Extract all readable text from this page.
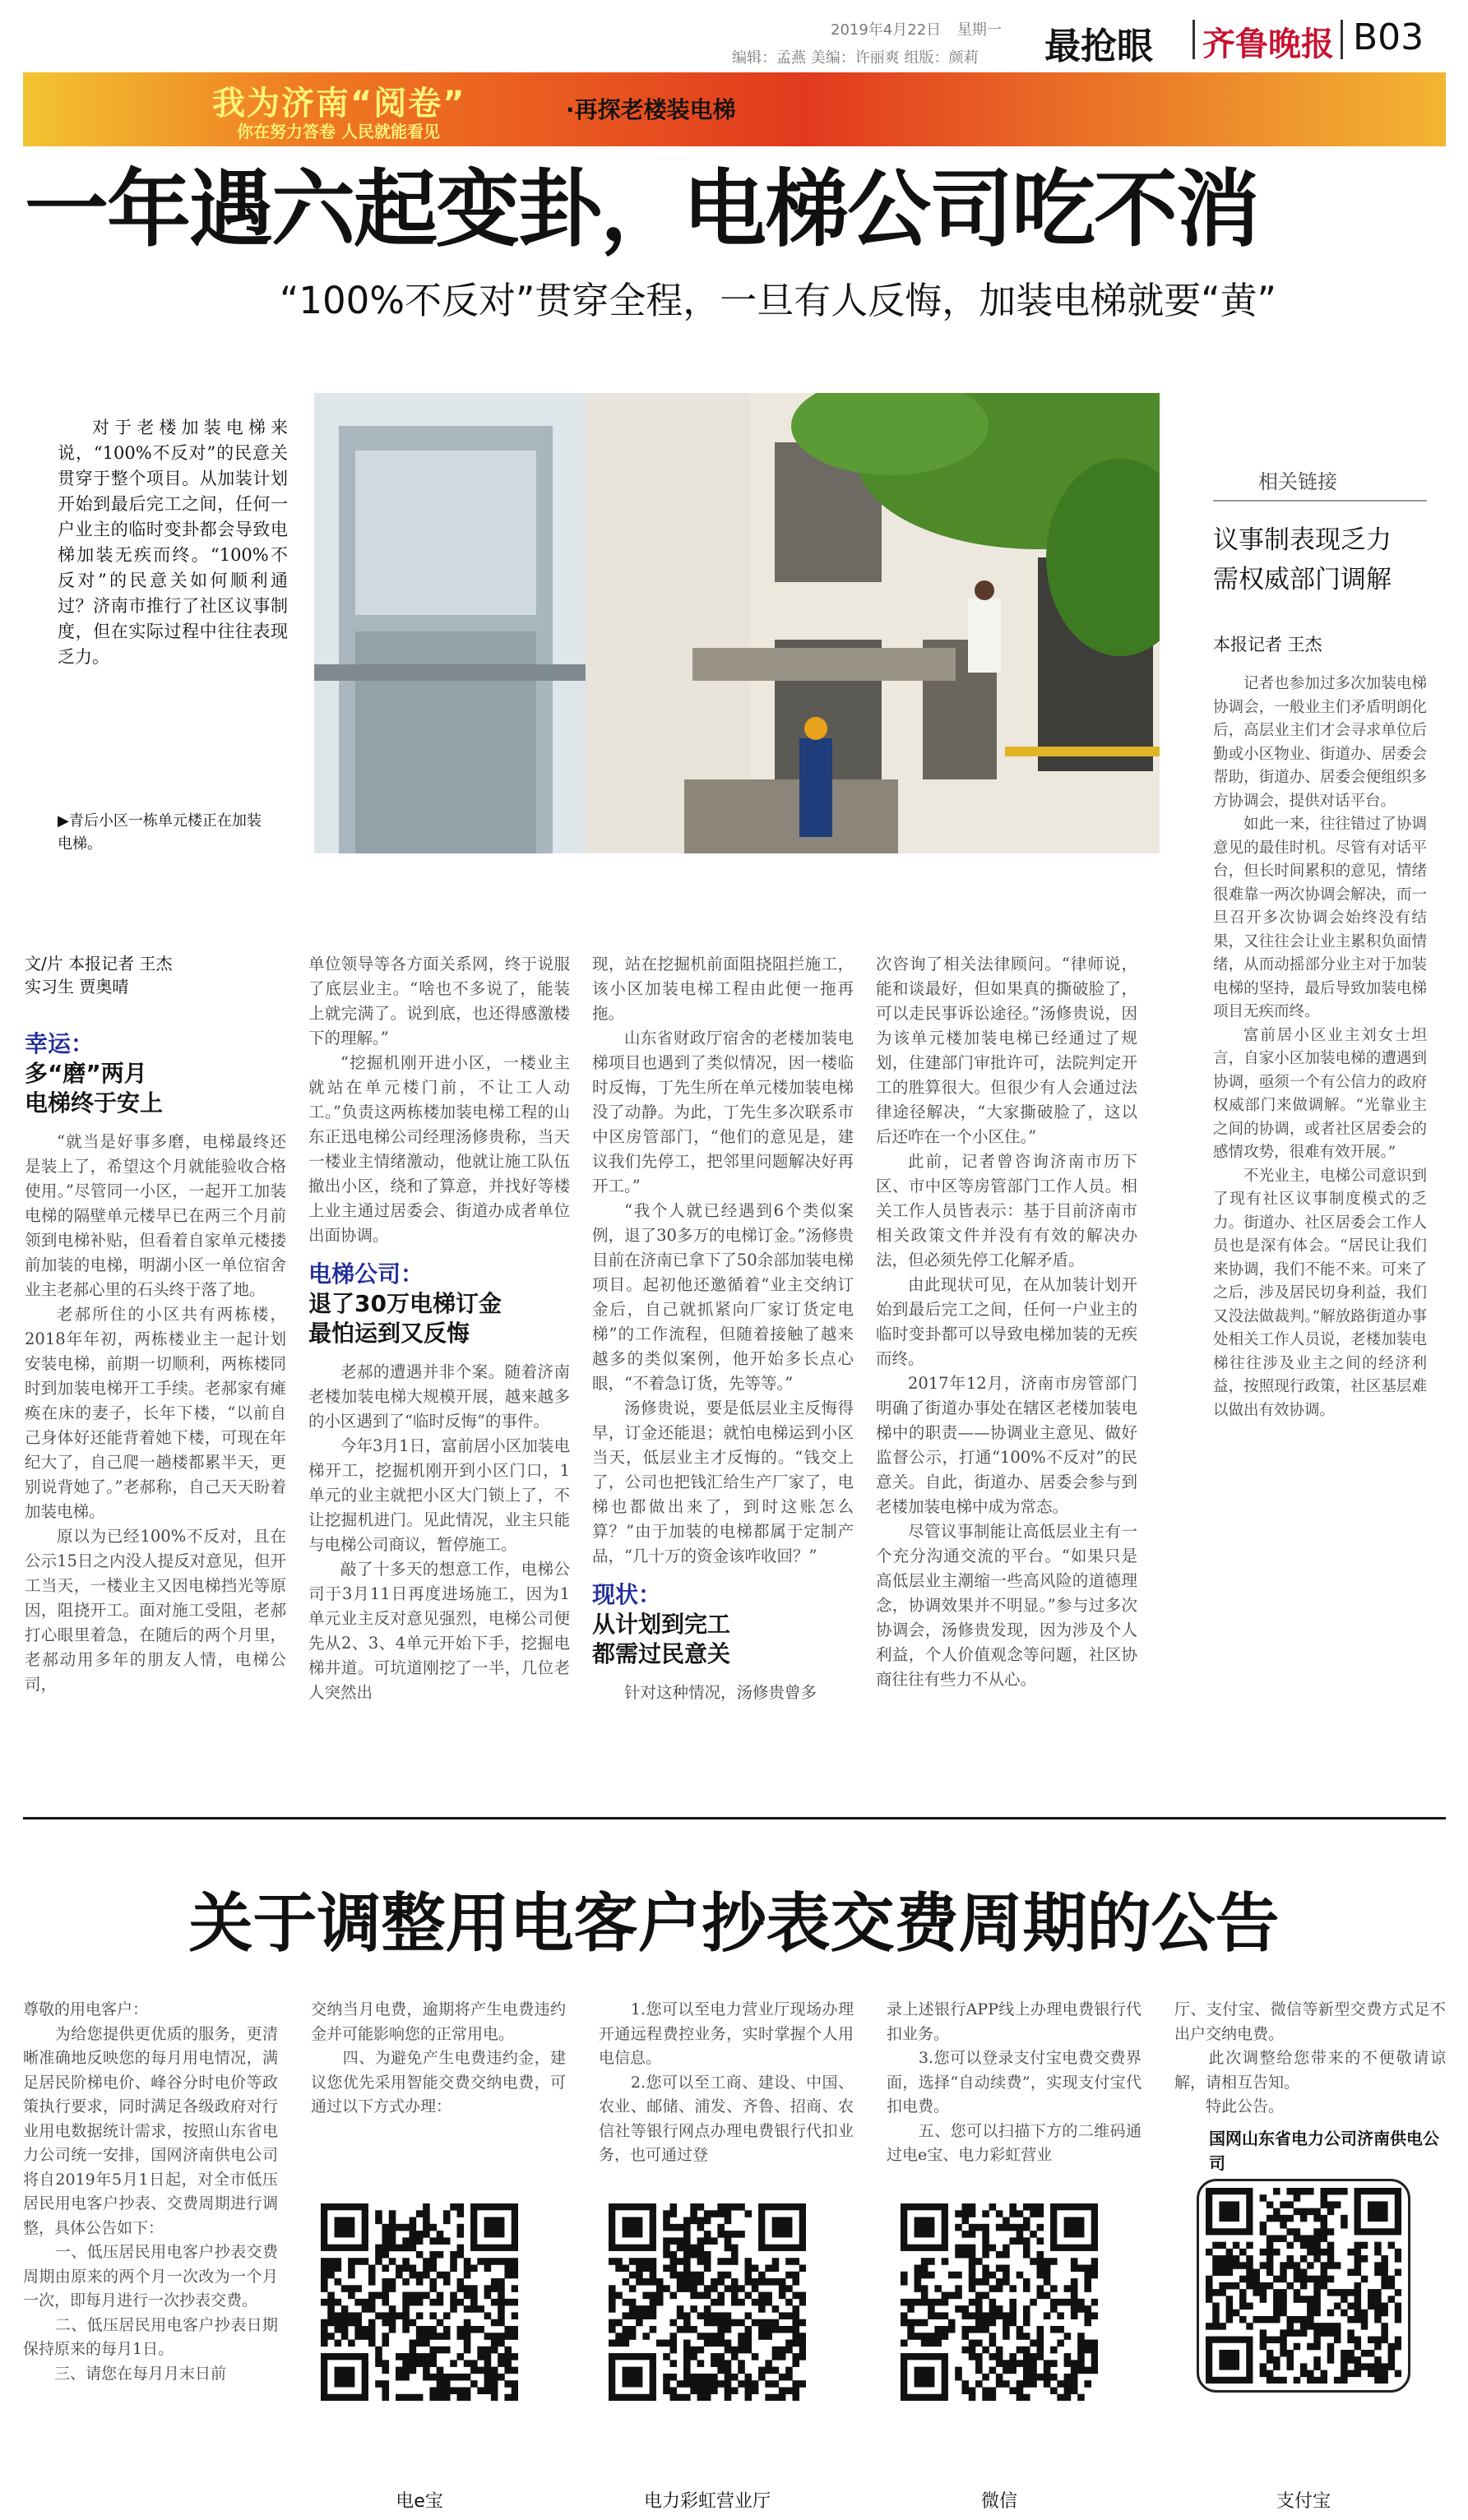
2019年4月22日 星期一
编辑：孟燕 美编：许丽爽 组版：颜莉 最抢眼 齐鲁晚报 B03
我为济南“阅卷”
你在努力答卷 人民就能看见
·再探老楼装电梯
一年遇六起变卦，电梯公司吃不消
“100%不反对”贯穿全程，一旦有人反悔，加装电梯就要“黄”
对于老楼加装电梯来说，“100%不反对”的民意关贯穿于整个项目。从加装计划开始到最后完工之间，任何一户业主的临时变卦都会导致电梯加装无疾而终。“100%不反对”的民意关如何顺利通过？济南市推行了社区议事制度，但在实际过程中往往表现乏力。
▶青后小区一栋单元楼正在加装电梯。
相关链接
议事制表现乏力
需权威部门调解
本报记者 王杰

记者也参加过多次加装电梯协调会，一般业主们矛盾明朗化后，高层业主们才会寻求单位后勤或小区物业、街道办、居委会帮助，街道办、居委会便组织多方协调会，提供对话平台。

如此一来，往往错过了协调意见的最佳时机。尽管有对话平台，但长时间累积的意见，情绪很难靠一两次协调会解决，而一旦召开多次协调会始终没有结果，又往往会让业主累积负面情绪，从而动摇部分业主对于加装电梯的坚持，最后导致加装电梯项目无疾而终。

富前居小区业主刘女士坦言，自家小区加装电梯的遭遇到协调，亟须一个有公信力的政府权威部门来做调解。“光靠业主之间的协调，或者社区居委会的感情攻势，很难有效开展。”

不光业主，电梯公司意识到了现有社区议事制度模式的乏力。街道办、社区居委会工作人员也是深有体会。“居民让我们来协调，我们不能不来。可来了之后，涉及居民切身利益，我们又没法做裁判。”解放路街道办事处相关工作人员说，老楼加装电梯往往涉及业主之间的经济利益，按照现行政策，社区基层难以做出有效协调。

文/片 本报记者 王杰
实习生 贾奥晴
幸运：
多“磨”两月
电梯终于安上

“就当是好事多磨，电梯最终还是装上了，希望这个月就能验收合格使用。”尽管同一小区，一起开工加装电梯的隔壁单元楼早已在两三个月前领到电梯补贴，但看着自家单元楼搂前加装的电梯，明湖小区一单位宿舍业主老郝心里的石头终于落了地。

老郝所住的小区共有两栋楼，2018年年初，两栋楼业主一起计划安装电梯，前期一切顺利，两栋楼同时到加装电梯开工手续。老郝家有瘫痪在床的妻子，长年下楼，“以前自己身体好还能背着她下楼，可现在年纪大了，自己爬一趟楼都累半天，更别说背她了。”老郝称，自己天天盼着加装电梯。

原以为已经100%不反对，且在公示15日之内没人提反对意见，但开工当天，一楼业主又因电梯挡光等原因，阻挠开工。面对施工受阻，老郝打心眼里着急，在随后的两个月里，老郝动用多年的朋友人情，电梯公司，

单位领导等各方面关系网，终于说服了底层业主。“啥也不多说了，能装上就完满了。说到底，也还得感激楼下的理解。”

“挖掘机刚开进小区，一楼业主就站在单元楼门前，不让工人动工。”负责这两栋楼加装电梯工程的山东正迅电梯公司经理汤修贵称，当天一楼业主情绪激动，他就让施工队伍撤出小区，绕和了算意，并找好等楼上业主通过居委会、街道办成者单位出面协调。

电梯公司：
退了30万电梯订金
最怕运到又反悔

老郝的遭遇并非个案。随着济南老楼加装电梯大规模开展，越来越多的小区遇到了“临时反悔”的事件。

今年3月1日，富前居小区加装电梯开工，挖掘机刚开到小区门口，1单元的业主就把小区大门锁上了，不让挖掘机进门。见此情况，业主只能与电梯公司商议，暂停施工。

敲了十多天的想意工作，电梯公司于3月11日再度进场施工，因为1单元业主反对意见强烈，电梯公司便先从2、3、4单元开始下手，挖掘电梯井道。可坑道刚挖了一半，几位老人突然出

现，站在挖掘机前面阻挠阻拦施工，该小区加装电梯工程由此便一拖再拖。

山东省财政厅宿舍的老楼加装电梯项目也遇到了类似情况，因一楼临时反悔，丁先生所在单元楼加装电梯没了动静。为此，丁先生多次联系市中区房管部门，“他们的意见是，建议我们先停工，把邻里问题解决好再开工。”

“我个人就已经遇到6个类似案例，退了30多万的电梯订金。”汤修贵目前在济南已拿下了50余部加装电梯项目。起初他还邀循着“业主交纳订金后，自己就抓紧向厂家订货定电梯”的工作流程，但随着接触了越来越多的类似案例，他开始多长点心眼，“不着急订货，先等等。”

汤修贵说，要是低层业主反悔得早，订金还能退；就怕电梯运到小区当天，低层业主才反悔的。“钱交上了，公司也把钱汇给生产厂家了，电梯也都做出来了，到时这账怎么算？”由于加装的电梯都属于定制产品，“几十万的资金该咋收回？”

现状：
从计划到完工
都需过民意关

针对这种情况，汤修贵曾多

次咨询了相关法律顾问。“律师说，能和谈最好，但如果真的撕破脸了，可以走民事诉讼途径。”汤修贵说，因为该单元楼加装电梯已经通过了规划，住建部门审批许可，法院判定开工的胜算很大。但很少有人会通过法律途径解决，“大家撕破脸了，这以后还咋在一个小区住。”

此前，记者曾咨询济南市历下区、市中区等房管部门工作人员。相关工作人员皆表示：基于目前济南市相关政策文件并没有有效的解决办法，但必须先停工化解矛盾。

由此现状可见，在从加装计划开始到最后完工之间，任何一户业主的临时变卦都可以导致电梯加装的无疾而终。

2017年12月，济南市房管部门明确了街道办事处在辖区老楼加装电梯中的职责——协调业主意见、做好监督公示，打通“100%不反对”的民意关。自此，街道办、居委会参与到老楼加装电梯中成为常态。

尽管议事制能让高低层业主有一个充分沟通交流的平台。“如果只是高低层业主潮缩一些高风险的道德理念，协调效果并不明显。”参与过多次协调会，汤修贵发现，因为涉及个人利益，个人价值观念等问题，社区协商往往有些力不从心。

关于调整用电客户抄表交费周期的公告
尊敬的用电客户：
　　为给您提供更优质的服务，更清晰准确地反映您的每月用电情况，满足居民阶梯电价、峰谷分时电价等政策执行要求，同时满足各级政府对行业用电数据统计需求，按照山东省电力公司统一安排，国网济南供电公司将自2019年5月1日起，对全市低压居民用电客户抄表、交费周期进行调整，具体公告如下：
　　一、低压居民用电客户抄表交费周期由原来的两个月一次改为一个月一次，即每月进行一次抄表交费。
　　二、低压居民用电客户抄表日期保持原来的每月1日。
　　三、请您在每月月末日前
交纳当月电费，逾期将产生电费违约金并可能影响您的正常用电。
　　四、为避免产生电费违约金，建议您优先采用智能交费交纳电费，可通过以下方式办理：
　　1.您可以至电力营业厅现场办理开通远程费控业务，实时掌握个人用电信息。
　　2.您可以至工商、建设、中国、农业、邮储、浦发、齐鲁、招商、农信社等银行网点办理电费银行代扣业务，也可通过登
录上述银行APP线上办理电费银行代扣业务。
　　3.您可以登录支付宝电费交费界面，选择“自动续费”，实现支付宝代扣电费。
　　五、您可以扫描下方的二维码通过电e宝、电力彩虹营业
厅、支付宝、微信等新型交费方式足不出户交纳电费。
　　此次调整给您带来的不便敬请谅解，请相互告知。
　　特此公告。
国网山东省电力公司济南供电公司
电e宝	电力彩虹营业厅	微信	支付宝
